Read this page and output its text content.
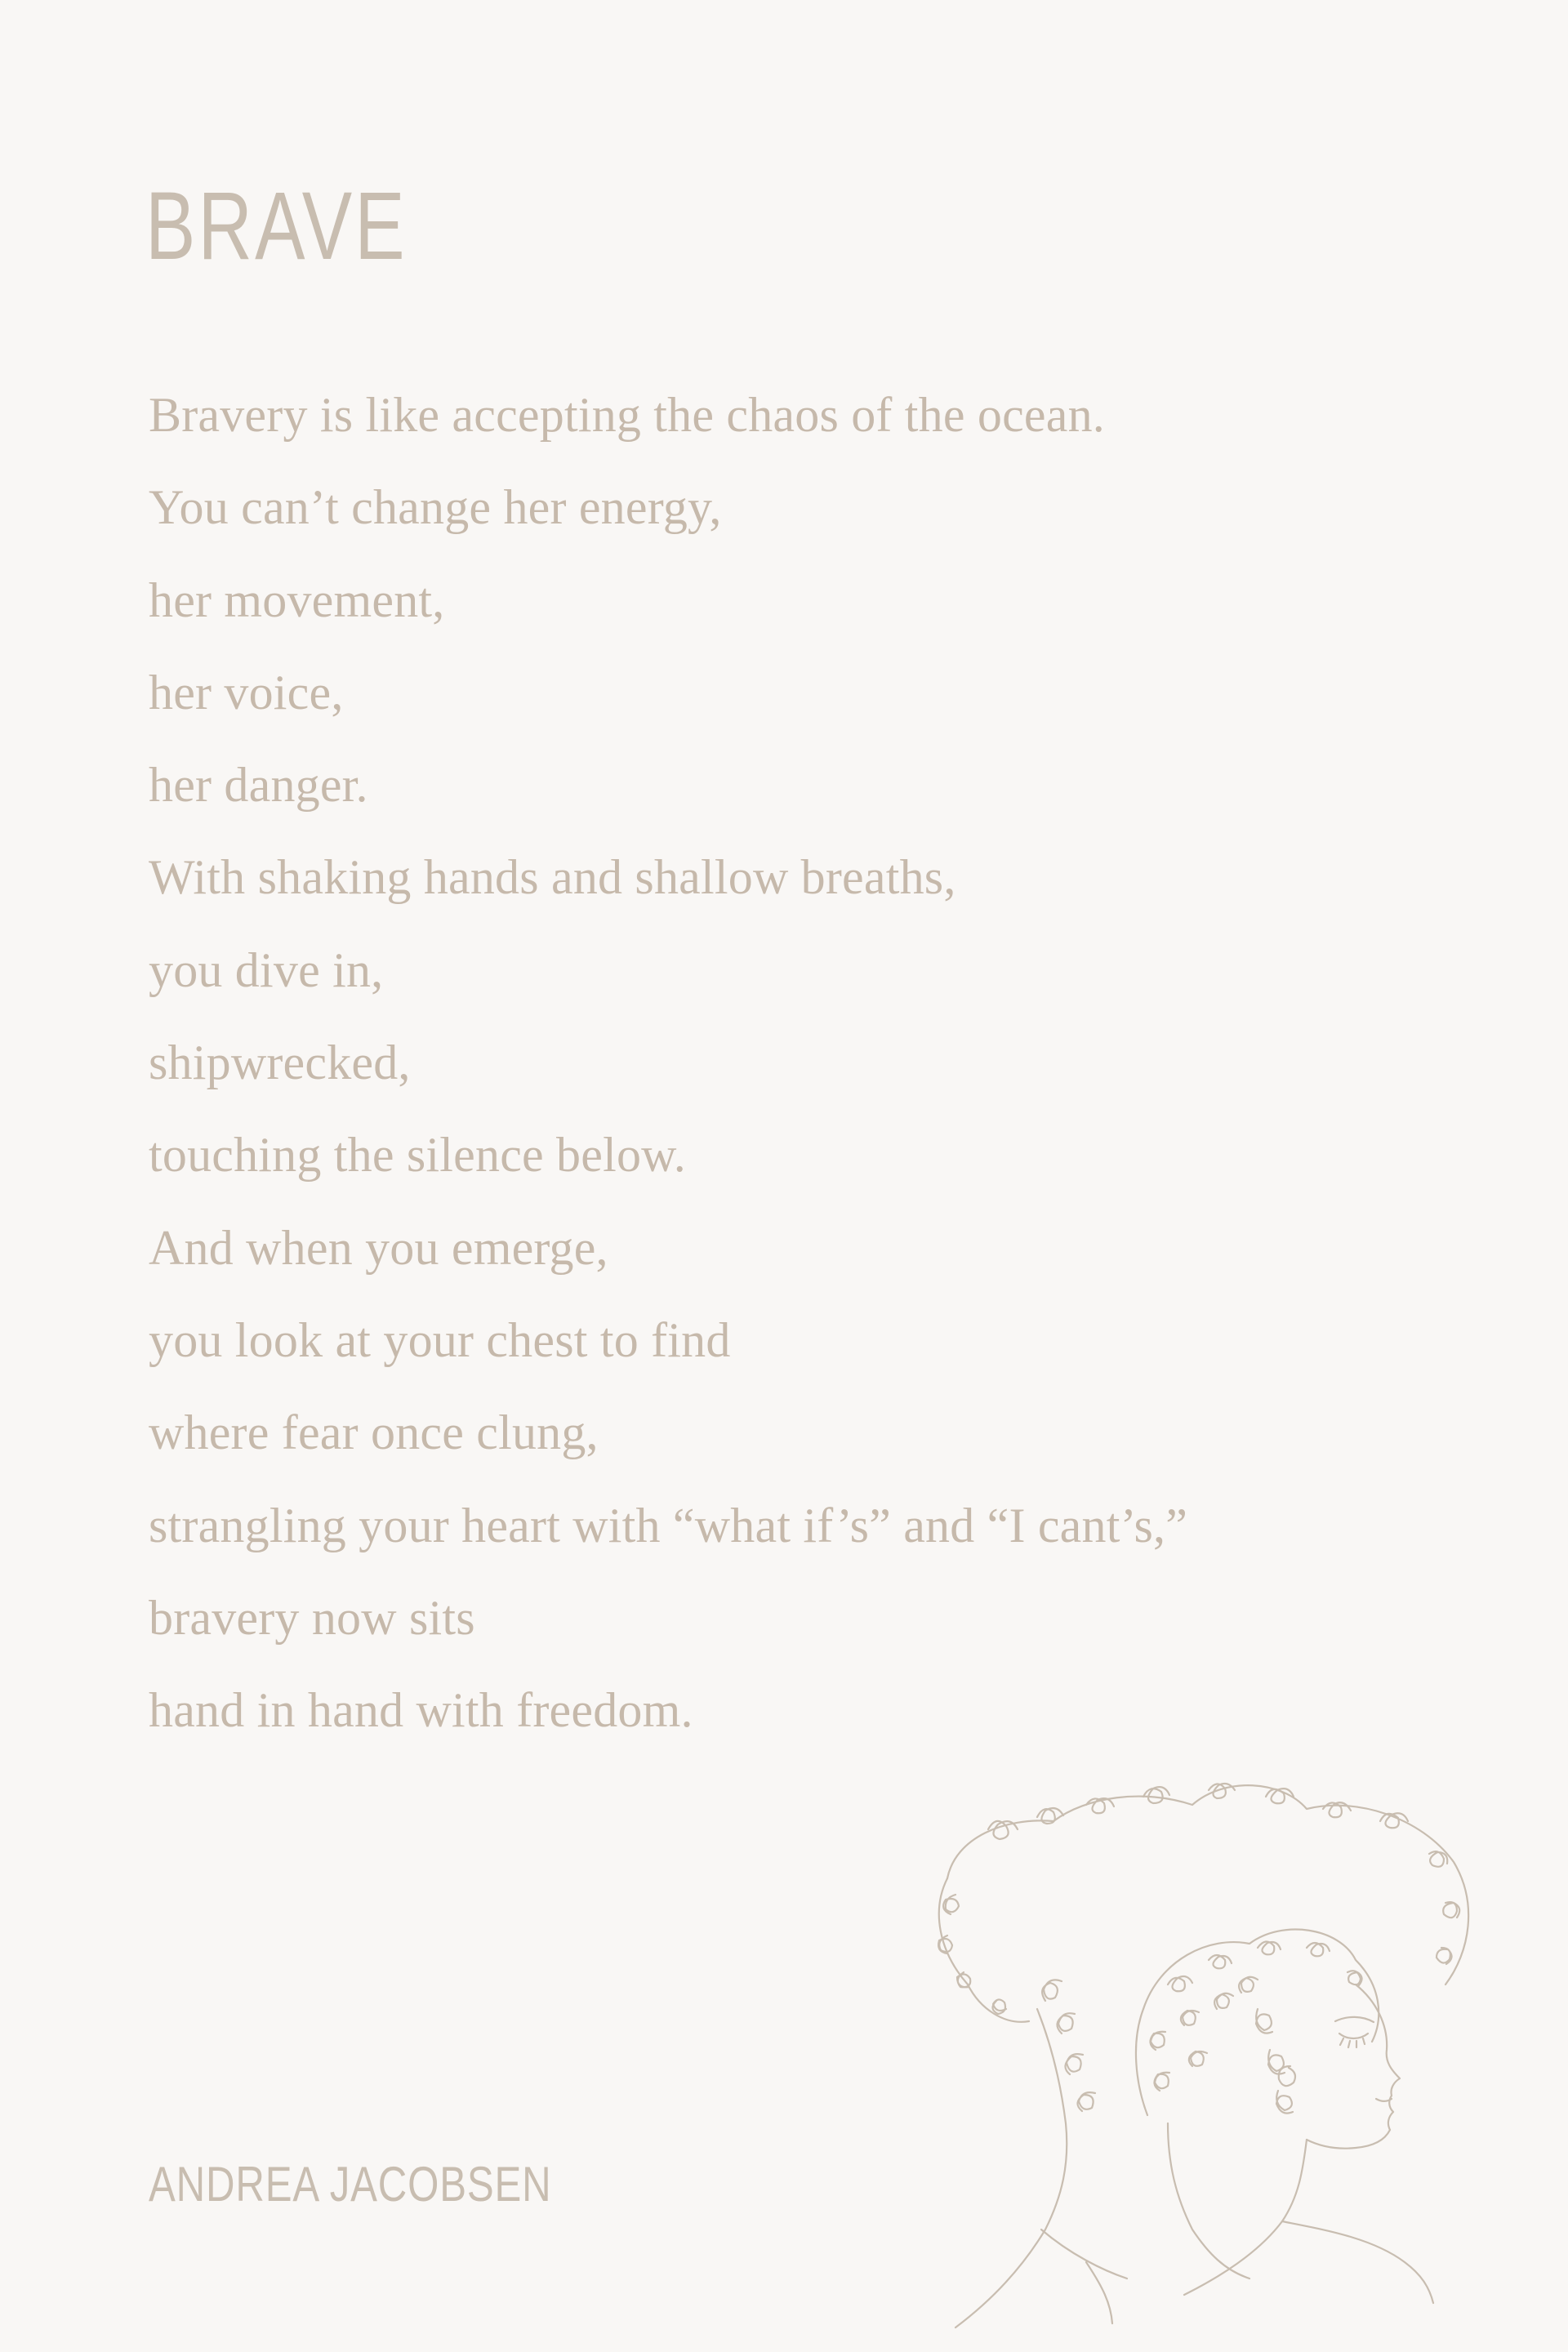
BRAVE
Bravery is like accepting the chaos of the ocean.
You can’t change her energy,
her movement,
her voice,
her danger.
With shaking hands and shallow breaths,
you dive in,
shipwrecked,
touching the silence below.
And when you emerge,
you look at your chest to find
where fear once clung,
strangling your heart with “what if’s” and “I cant’s,”
bravery now sits
hand in hand with freedom.
ANDREA JACOBSEN
